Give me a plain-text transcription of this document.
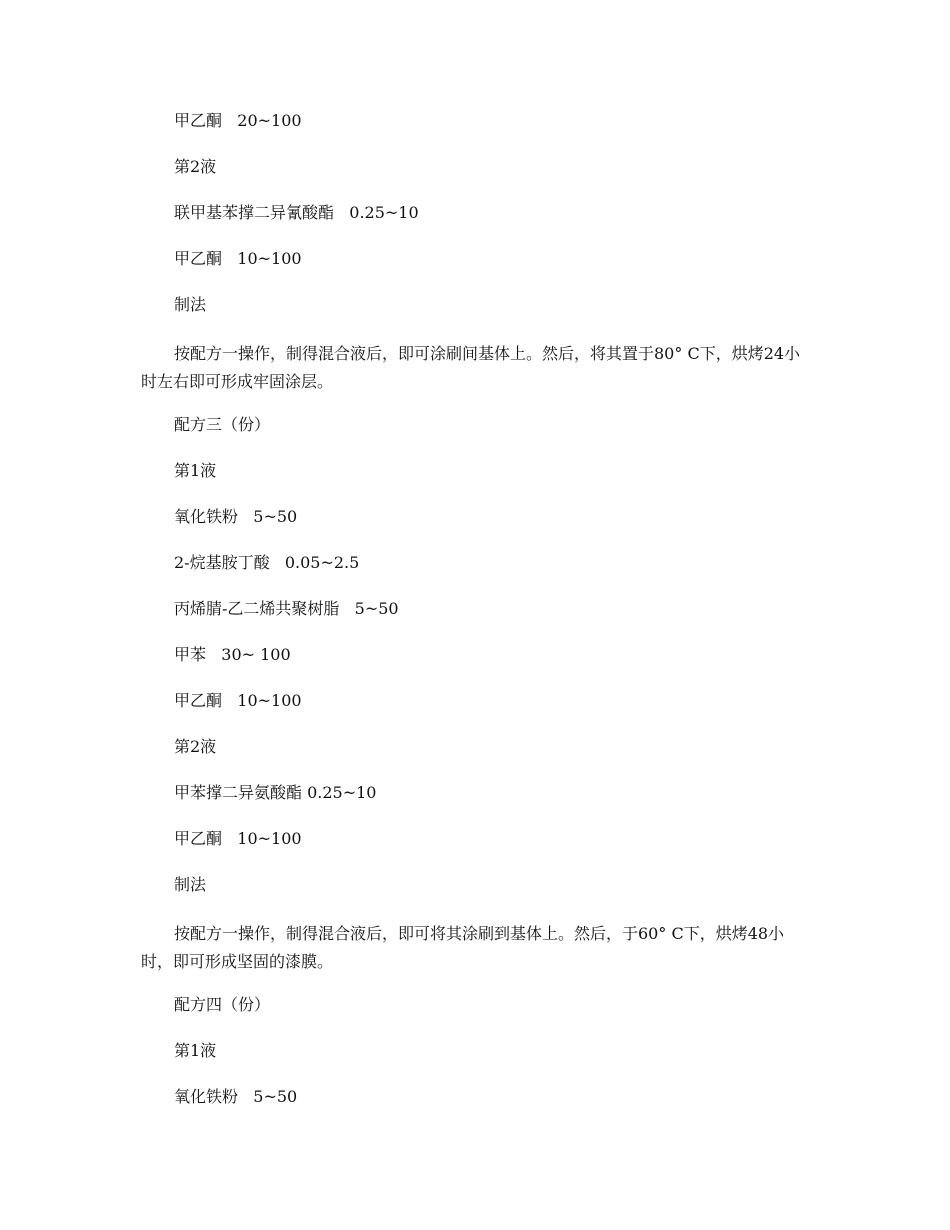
甲乙酮   20~100

第2液

联甲基苯撑二异氰酸酯   0.25~10

甲乙酮   10~100

制法

按配方一操作，制得混合液后，即可涂刷间基体上。然后，将其置于80° C下，烘烤24小时左右即可形成牢固涂层。

配方三（份）

第1液

氧化铁粉   5~50

2-烷基胺丁酸   0.05~2.5

丙烯腈-乙二烯共聚树脂   5~50

甲苯   30~ 100

甲乙酮   10~100

第2液

甲苯撑二异氨酸酯 0.25~10

甲乙酮   10~100

制法

按配方一操作，制得混合液后，即可将其涂刷到基体上。然后，于60° C下，烘烤48小时，即可形成坚固的漆膜。

配方四（份）

第1液

氧化铁粉   5~50
